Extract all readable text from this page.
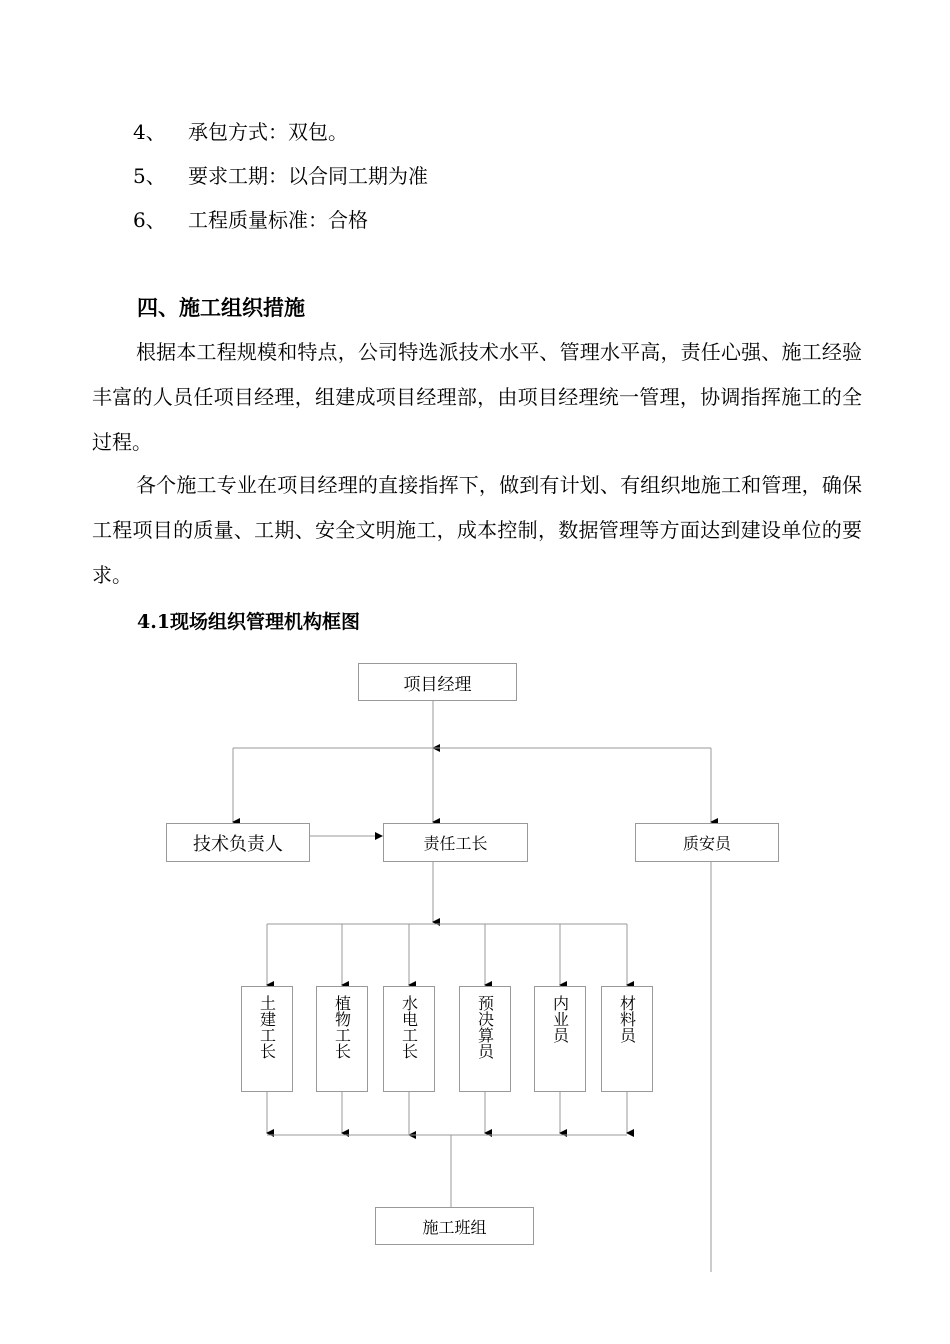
4、 承包方式：双包。
5、 要求工期：以合同工期为准
6、 工程质量标准：合格
四、施工组织措施
根据本工程规模和特点，公司特选派技术水平、管理水平高，责任心强、施工经验丰富的人员任项目经理，组建成项目经理部，由项目经理统一管理，协调指挥施工的全过程。
各个施工专业在项目经理的直接指挥下，做到有计划、有组织地施工和管理，确保工程项目的质量、工期、安全文明施工，成本控制，数据管理等方面达到建设单位的要求。
4.1现场组织管理机构框图
项目经理
技术负责人	责任工长	质安员
土建工长	植物工长	水电工长	预决算员	内业员	材料员
施工班组
